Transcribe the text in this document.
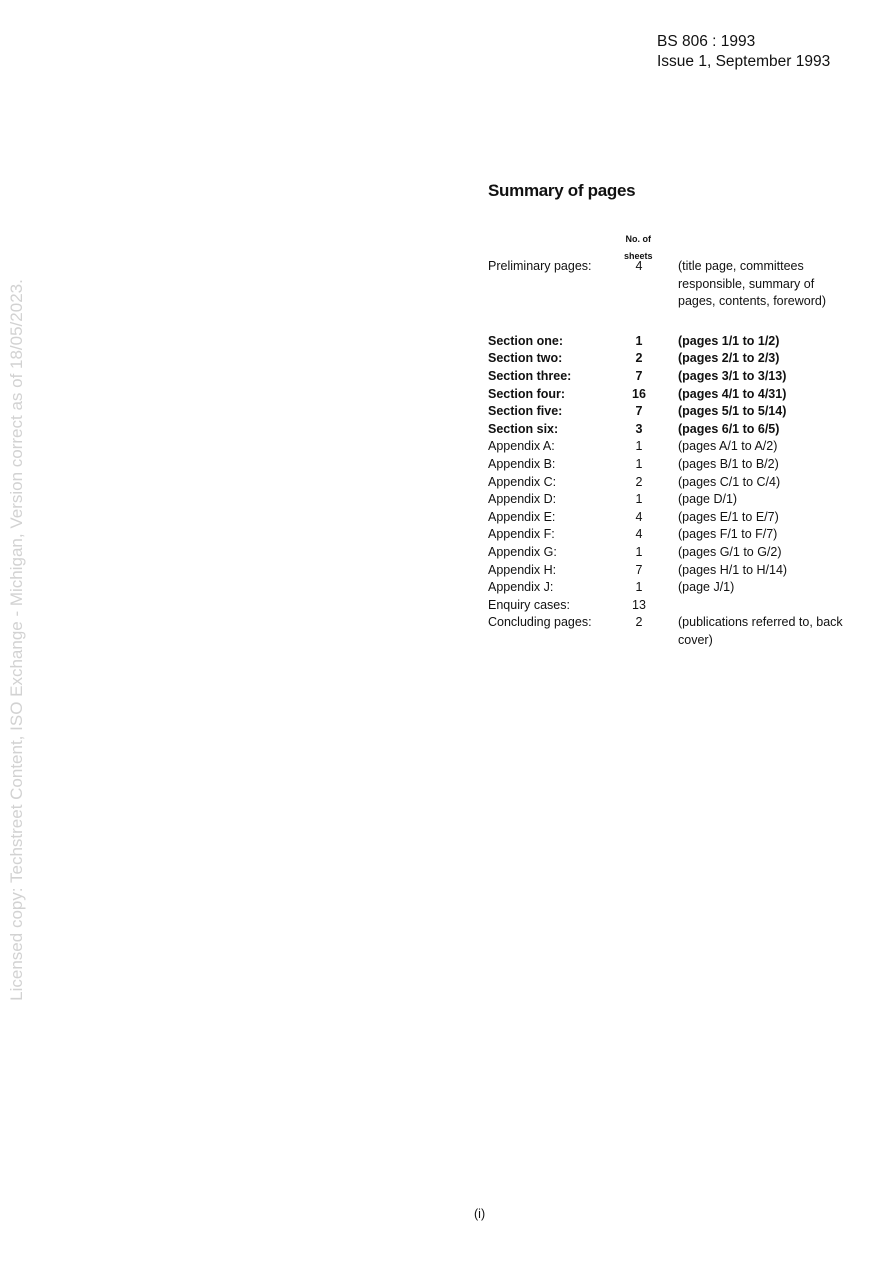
BS 806 : 1993
Issue 1, September 1993
Licensed copy: Techstreet Content, ISO Exchange - Michigan, Version correct as of 18/05/2023.
Summary of pages
No. of
sheets
Preliminary pages:	4	(title page, committees responsible, summary of pages, contents, foreword)
Section one:	1	(pages 1/1 to 1/2)
Section two:	2	(pages 2/1 to 2/3)
Section three:	7	(pages 3/1 to 3/13)
Section four:	16	(pages 4/1 to 4/31)
Section five:	7	(pages 5/1 to 5/14)
Section six:	3	(pages 6/1 to 6/5)
Appendix A:	1	(pages A/1 to A/2)
Appendix B:	1	(pages B/1 to B/2)
Appendix C:	2	(pages C/1 to C/4)
Appendix D:	1	(page D/1)
Appendix E:	4	(pages E/1 to E/7)
Appendix F:	4	(pages F/1 to F/7)
Appendix G:	1	(pages G/1 to G/2)
Appendix H:	7	(pages H/1 to H/14)
Appendix J:	1	(page J/1)
Enquiry cases:	13
Concluding pages:	2	(publications referred to, back cover)
(i)
